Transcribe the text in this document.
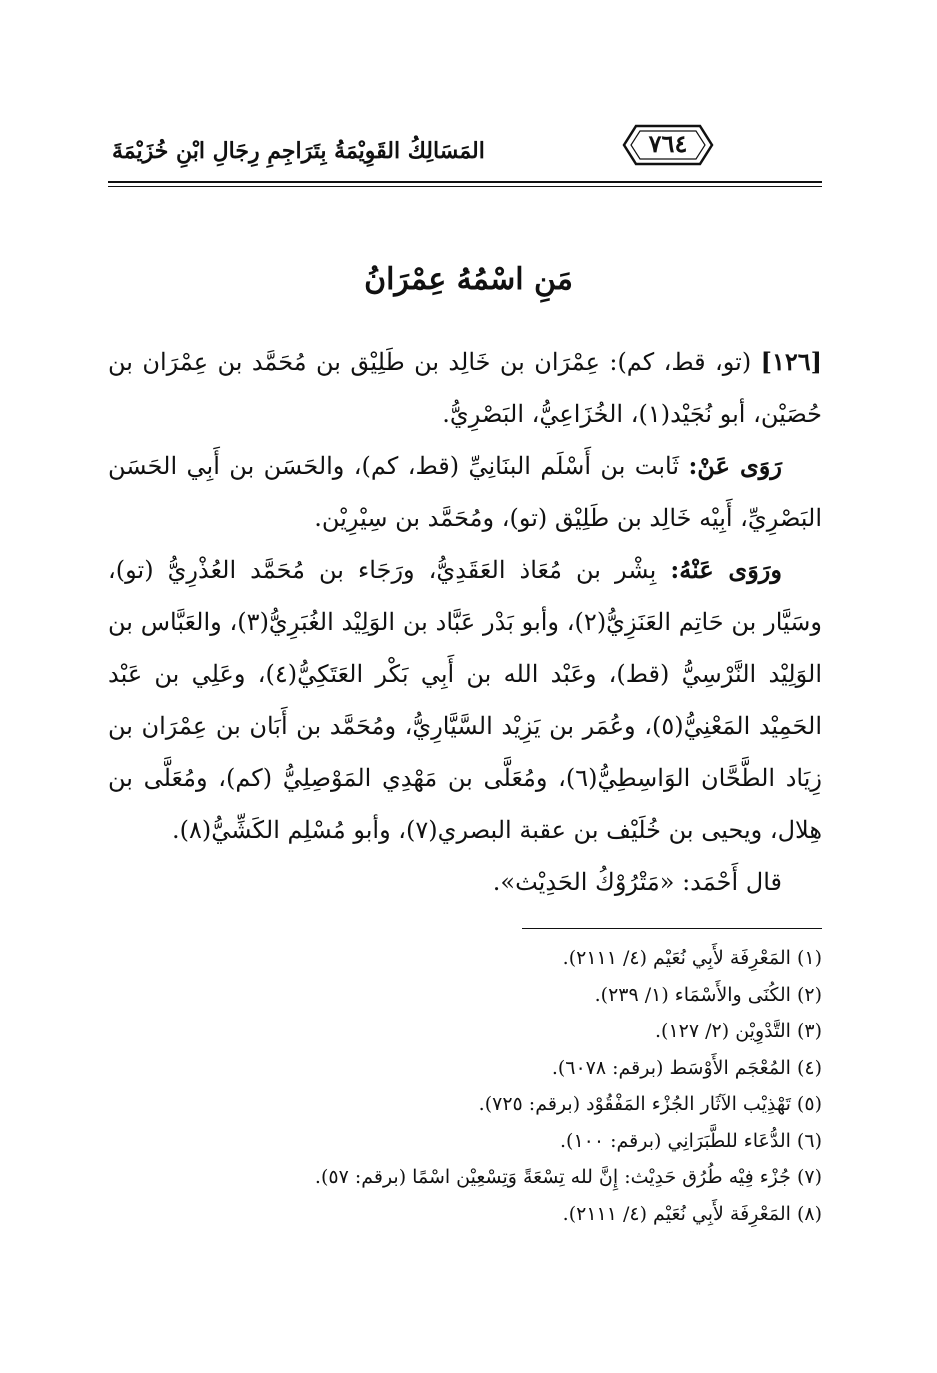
المَسَالِكُ القَوِيْمَةُ بِتَرَاجِمِ رِجَالِ ابْنِ خُزَيْمَةَ	٧٦٤
مَنِ اسْمُهُ عِمْرَانُ

[١٢٦] (تو، قط، كم): عِمْرَان بن خَالِد بن طَلِيْق بن مُحَمَّد بن عِمْرَان بن حُصَيْن، أبو نُجَيْد(١)، الخُزَاعِيُّ، البَصْرِيُّ.

رَوَى عَنْ: ثَابت بن أَسْلَم البنَانِيِّ (قط، كم)، والحَسَن بن أَبِي الحَسَن البَصْرِيِّ، أَبِيْه خَالِد بن طَلِيْق (تو)، ومُحَمَّد بن سِيْرِيْن.

ورَوَى عَنْهُ: بِشْر بن مُعَاذ العَقَدِيُّ، ورَجَاء بن مُحَمَّد العُذْرِيُّ (تو)، وسَيَّار بن حَاتِم العَنَزِيُّ(٢)، وأبو بَدْر عَبَّاد بن الوَلِيْد الغُبَرِيُّ(٣)، والعَبَّاس بن الوَلِيْد النَّرْسِيُّ (قط)، وعَبْد الله بن أَبِي بَكْر العَتَكِيُّ(٤)، وعَلِي بن عَبْد الحَمِيْد المَعْنِيُّ(٥)، وعُمَر بن يَزِيْد السَّيَّارِيُّ، ومُحَمَّد بن أَبَان بن عِمْرَان بن زِيَاد الطَّحَّان الوَاسِطِيُّ(٦)، ومُعَلَّى بن مَهْدِي المَوْصِلِيُّ (كم)، ومُعَلَّى بن هِلال، ويحيى بن خُلَيْف بن عقبة البصري(٧)، وأبو مُسْلِم الكَشِّيُّ(٨).

قال أَحْمَد: «مَتْرُوْكُ الحَدِيْث».

(١) المَعْرِفَة لأَبِي نُعَيْم (٤/ ٢١١١).
(٢) الكُنَى والأَسْمَاء (١/ ٢٣٩).
(٣) التَّدْوِيْن (٢/ ١٢٧).
(٤) المُعْجَم الأَوْسَط (برقم: ٦٠٧٨).
(٥) تَهْذِيْب الآثَار الجُزْء المَفْقُوْد (برقم: ٧٢٥).
(٦) الدُّعَاء للطَّبَرَانِي (برقم: ١٠٠).
(٧) جُزْء فِيْه طُرُق حَدِيْث: إِنَّ لله تِسْعَةً وَتِسْعِيْن اسْمًا (برقم: ٥٧).
(٨) المَعْرِفَة لأَبِي نُعَيْم (٤/ ٢١١١).
